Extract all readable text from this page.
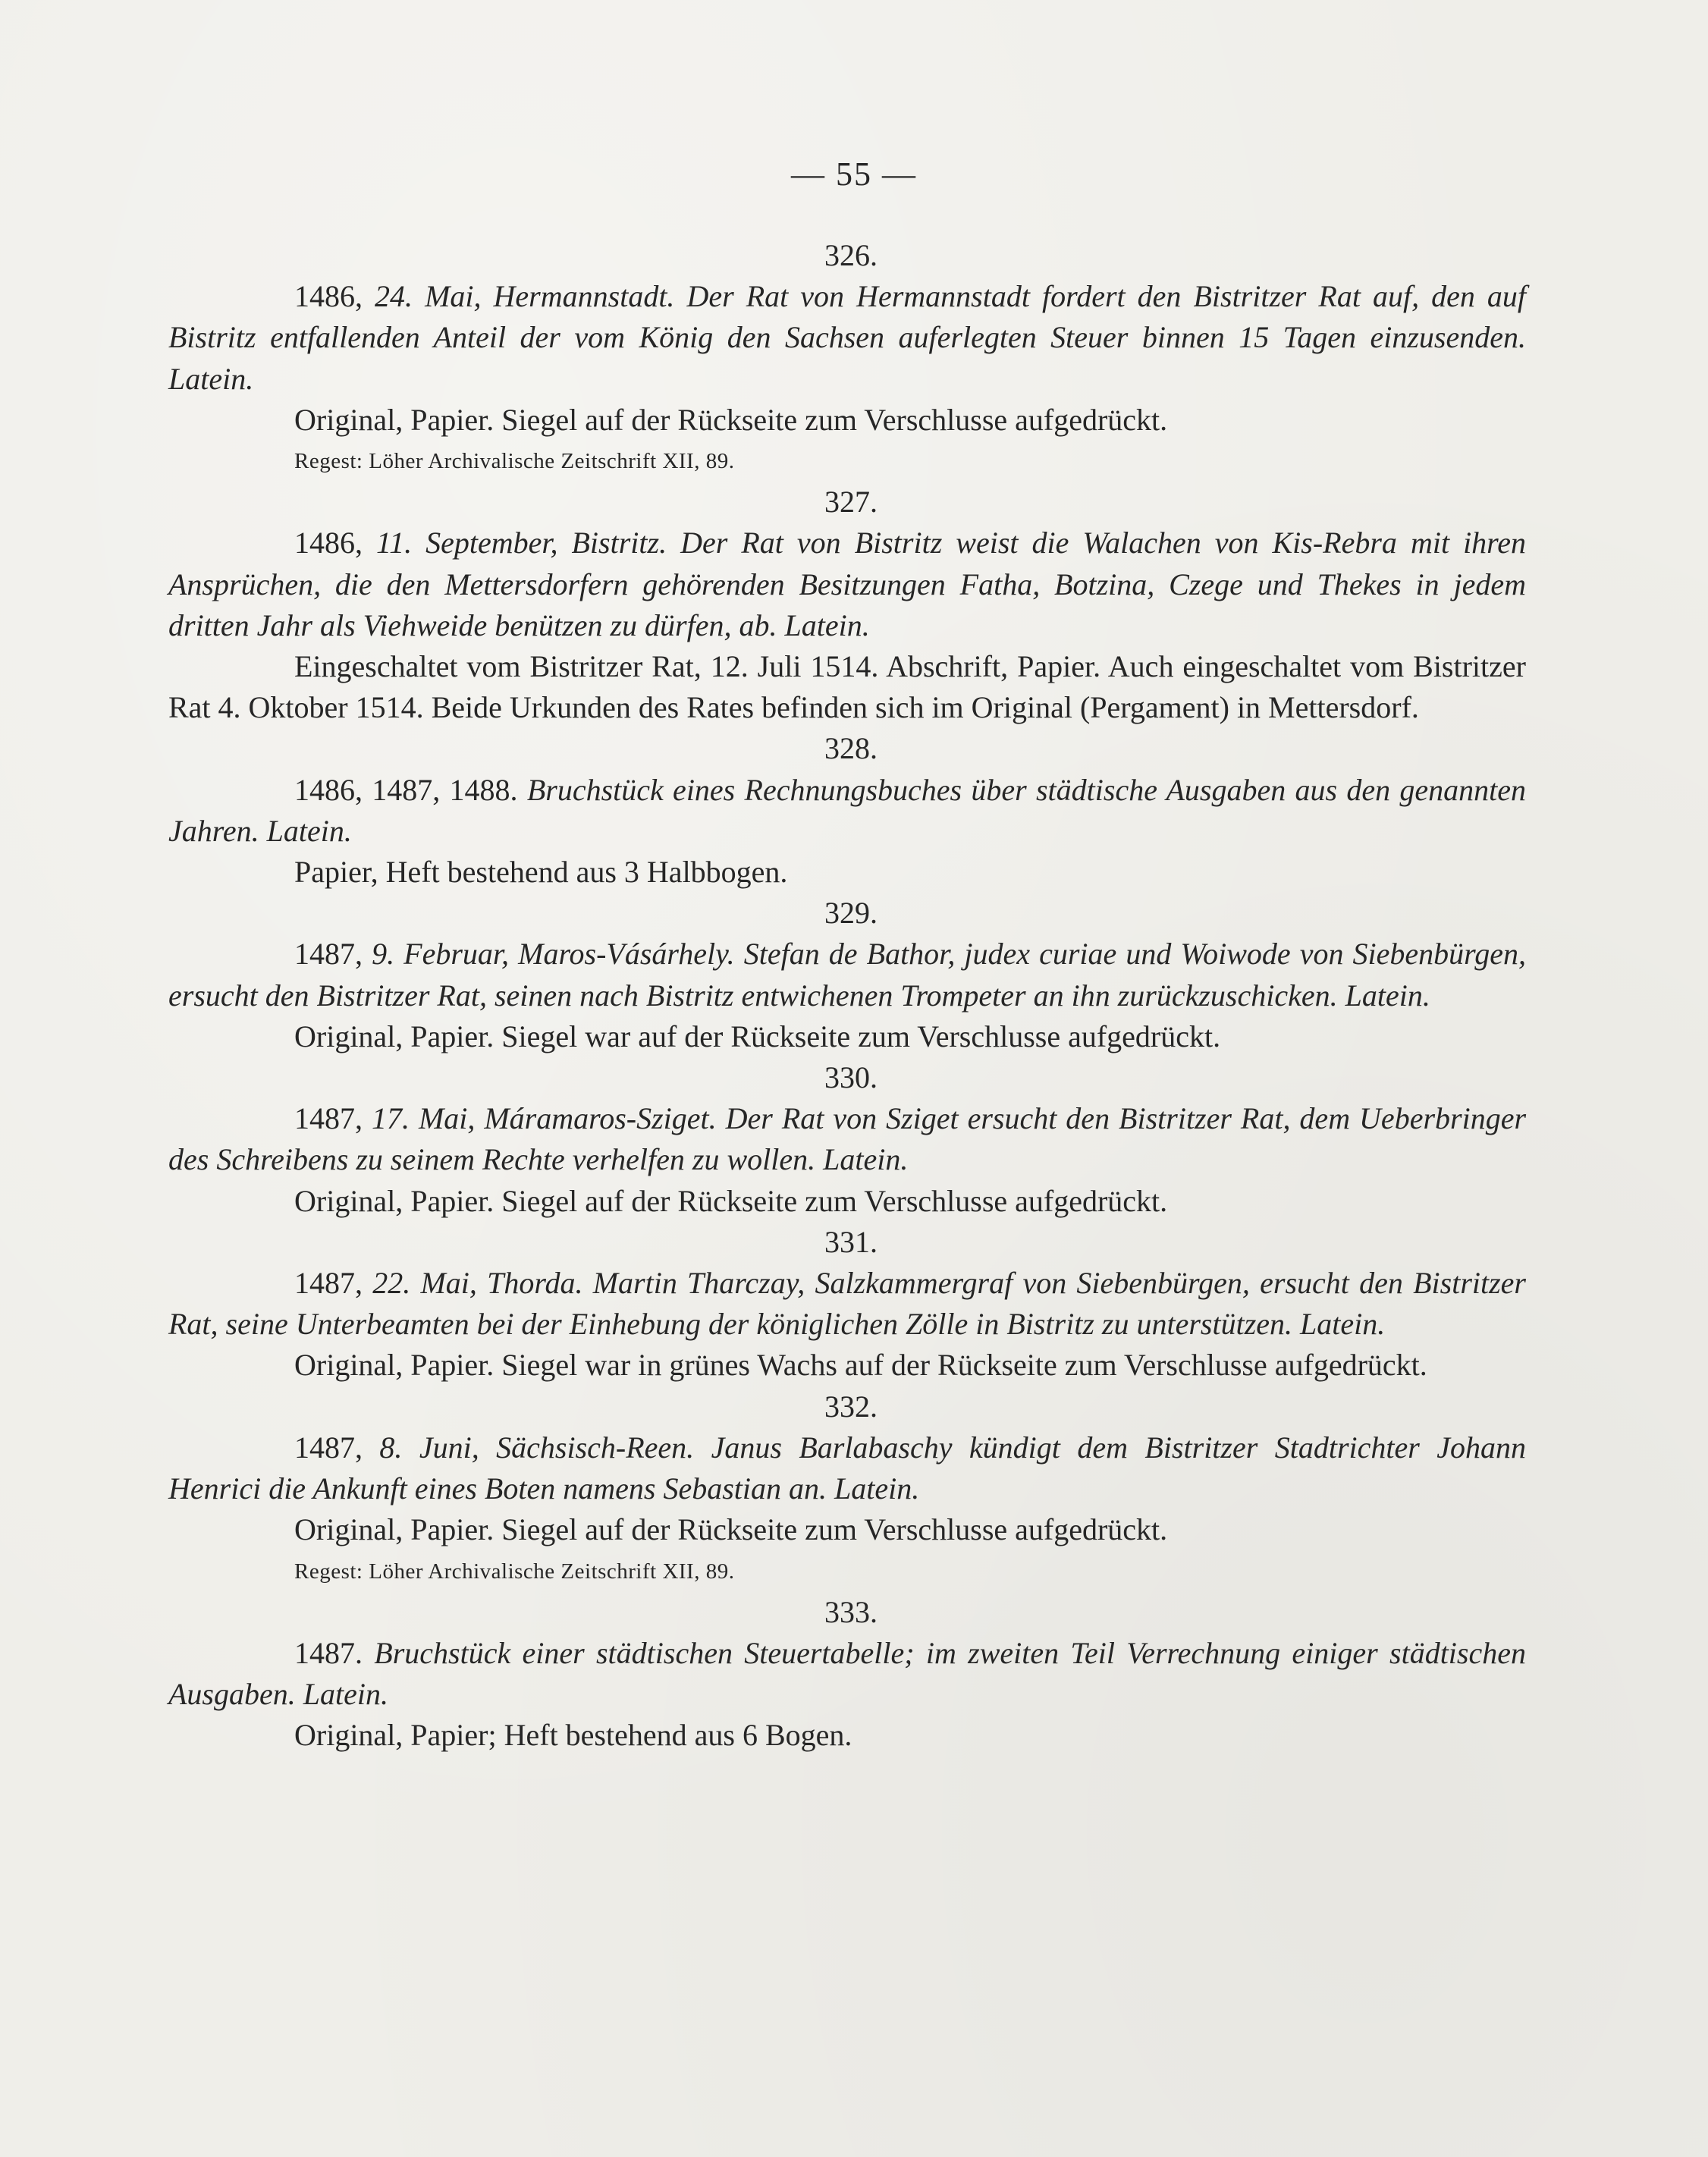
— 55 —
326.

1486, 24. Mai, Hermannstadt. Der Rat von Hermannstadt fordert den Bistritzer Rat auf, den auf Bistritz entfallenden Anteil der vom König den Sachsen auferlegten Steuer binnen 15 Tagen einzusenden. Latein.

Original, Papier. Siegel auf der Rückseite zum Verschlusse aufgedrückt.

Regest: Löher Archivalische Zeitschrift XII, 89.

327.

1486, 11. September, Bistritz. Der Rat von Bistritz weist die Walachen von Kis-Rebra mit ihren Ansprüchen, die den Mettersdorfern gehörenden Besitzungen Fatha, Botzina, Czege und Thekes in jedem dritten Jahr als Viehweide benützen zu dürfen, ab. Latein.

Eingeschaltet vom Bistritzer Rat, 12. Juli 1514. Abschrift, Papier. Auch eingeschaltet vom Bistritzer Rat 4. Oktober 1514. Beide Urkunden des Rates befinden sich im Original (Pergament) in Mettersdorf.

328.

1486, 1487, 1488. Bruchstück eines Rechnungsbuches über städtische Ausgaben aus den genannten Jahren. Latein.

Papier, Heft bestehend aus 3 Halbbogen.

329.

1487, 9. Februar, Maros-Vásárhely. Stefan de Bathor, judex curiae und Woiwode von Siebenbürgen, ersucht den Bistritzer Rat, seinen nach Bistritz entwichenen Trompeter an ihn zurückzuschicken. Latein.

Original, Papier. Siegel war auf der Rückseite zum Verschlusse aufgedrückt.

330.

1487, 17. Mai, Máramaros-Sziget. Der Rat von Sziget ersucht den Bistritzer Rat, dem Ueberbringer des Schreibens zu seinem Rechte verhelfen zu wollen. Latein.

Original, Papier. Siegel auf der Rückseite zum Verschlusse aufgedrückt.

331.

1487, 22. Mai, Thorda. Martin Tharczay, Salzkammergraf von Siebenbürgen, ersucht den Bistritzer Rat, seine Unterbeamten bei der Einhebung der königlichen Zölle in Bistritz zu unterstützen. Latein.

Original, Papier. Siegel war in grünes Wachs auf der Rückseite zum Verschlusse aufgedrückt.

332.

1487, 8. Juni, Sächsisch-Reen. Janus Barlabaschy kündigt dem Bistritzer Stadtrichter Johann Henrici die Ankunft eines Boten namens Sebastian an. Latein.

Original, Papier. Siegel auf der Rückseite zum Verschlusse aufgedrückt.

Regest: Löher Archivalische Zeitschrift XII, 89.

333.

1487. Bruchstück einer städtischen Steuertabelle; im zweiten Teil Verrechnung einiger städtischen Ausgaben. Latein.

Original, Papier; Heft bestehend aus 6 Bogen.
